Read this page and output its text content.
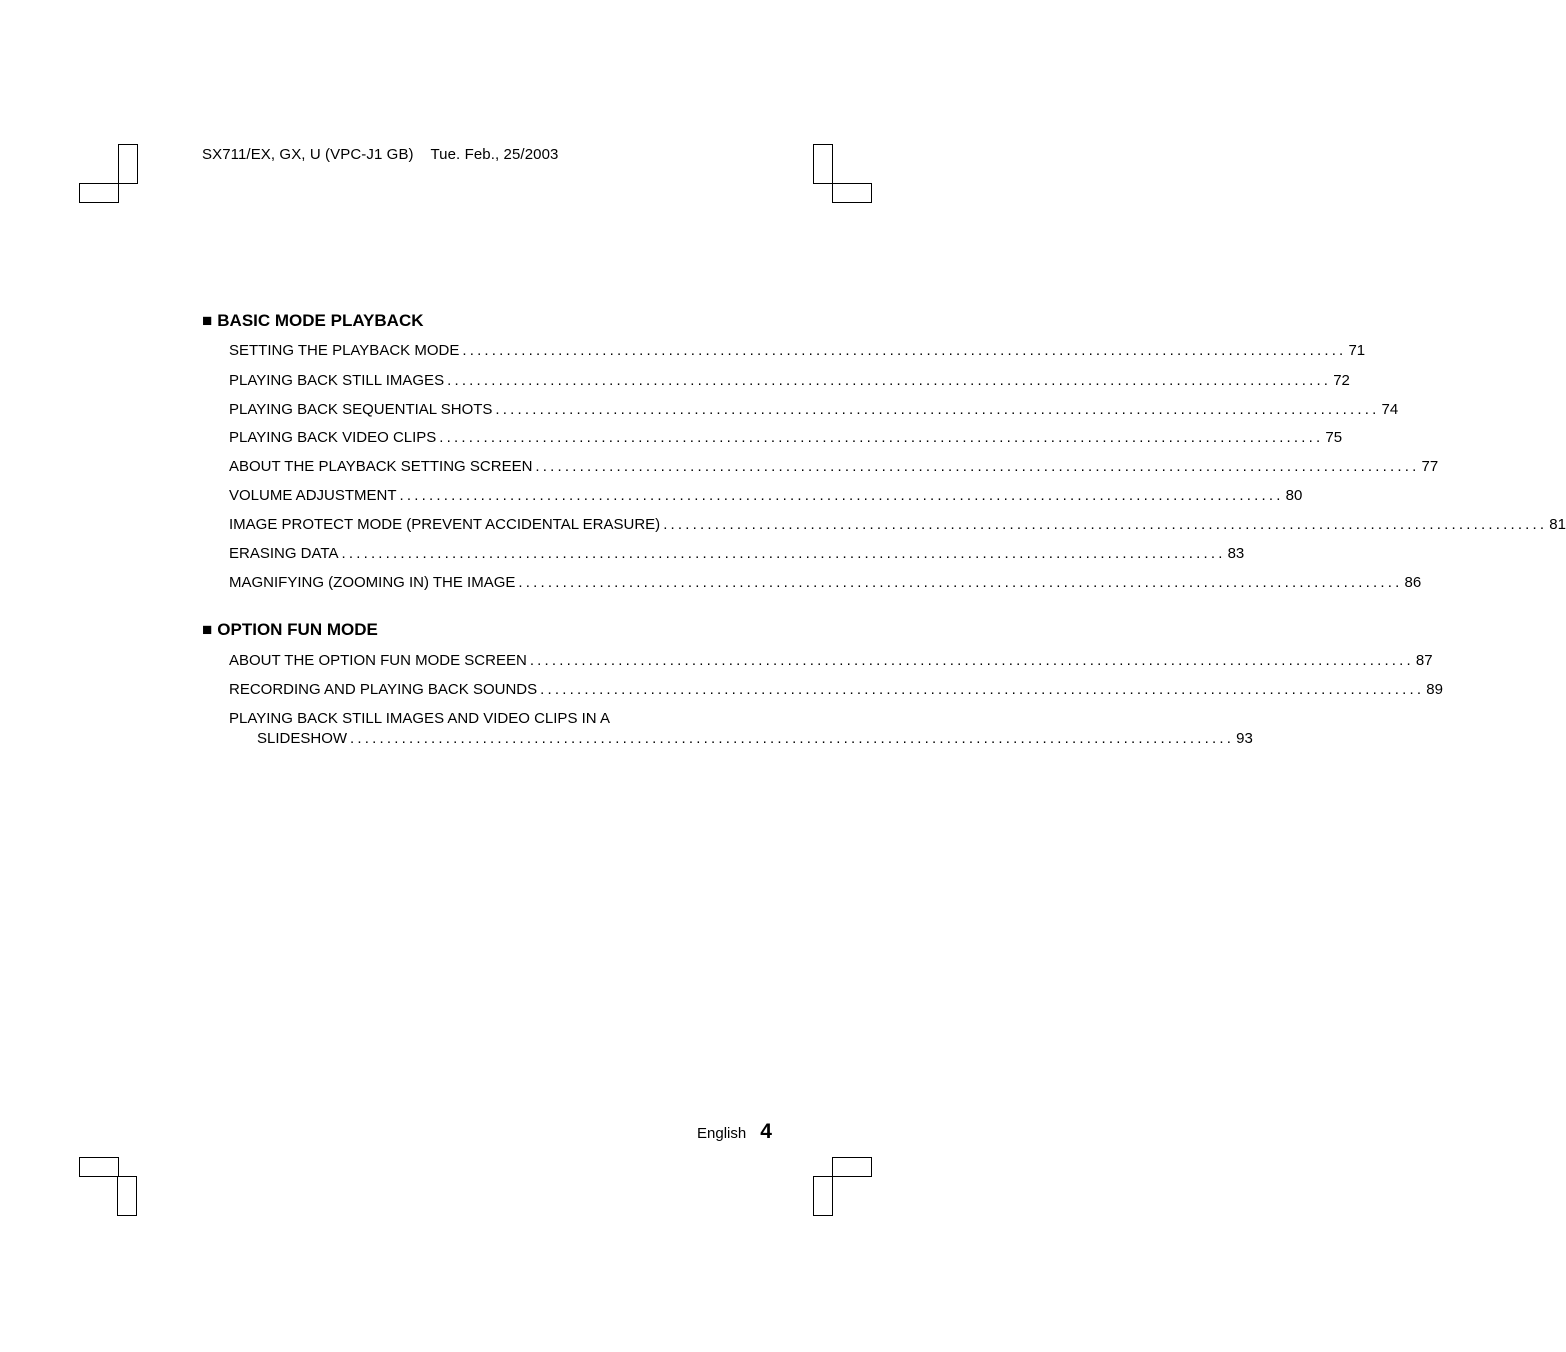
SX711/EX, GX, U (VPC-J1 GB) Tue. Feb., 25/2003
■ BASIC MODE PLAYBACK
SETTING THE PLAYBACK MODE ........................................................................................................................ 71
PLAYING BACK STILL IMAGES ........................................................................................................................ 72
PLAYING BACK SEQUENTIAL SHOTS ........................................................................................................................ 74
PLAYING BACK VIDEO CLIPS ........................................................................................................................ 75
ABOUT THE PLAYBACK SETTING SCREEN ........................................................................................................................ 77
VOLUME ADJUSTMENT ........................................................................................................................ 80
IMAGE PROTECT MODE (PREVENT ACCIDENTAL ERASURE) ........................................................................................................................ 81
ERASING DATA ........................................................................................................................ 83
MAGNIFYING (ZOOMING IN) THE IMAGE ........................................................................................................................ 86
■ OPTION FUN MODE
ABOUT THE OPTION FUN MODE SCREEN ........................................................................................................................ 87
RECORDING AND PLAYING BACK SOUNDS ........................................................................................................................ 89
PLAYING BACK STILL IMAGES AND VIDEO CLIPS IN A
SLIDESHOW ........................................................................................................................ 93
English 4
